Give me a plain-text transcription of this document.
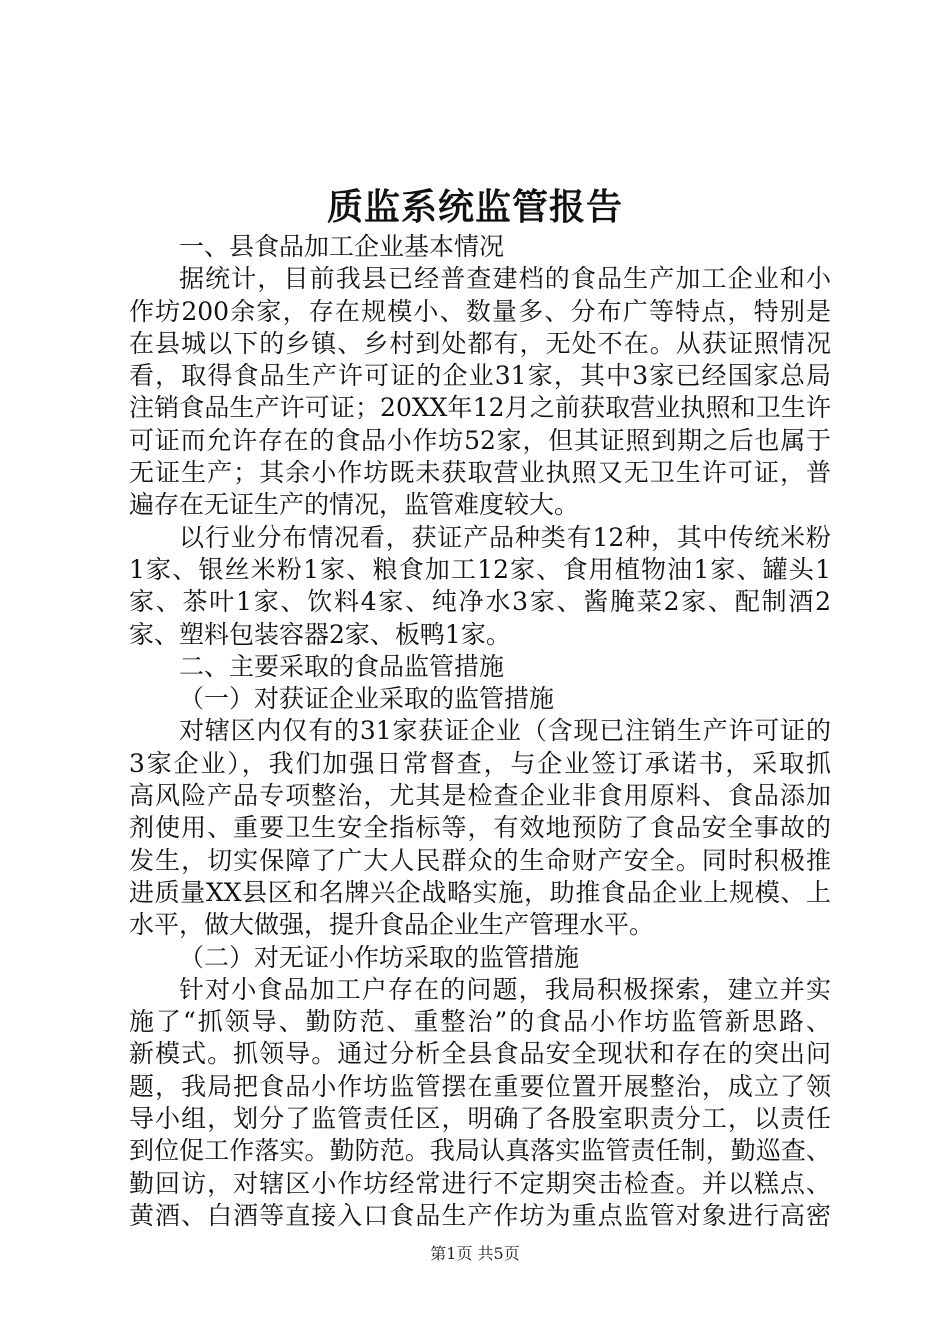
质监系统监管报告
一、县食品加工企业基本情况
据统计，目前我县已经普查建档的食品生产加工企业和小
作坊200余家，存在规模小、数量多、分布广等特点，特别是
在县城以下的乡镇、乡村到处都有，无处不在。从获证照情况
看，取得食品生产许可证的企业31家，其中3家已经国家总局
注销食品生产许可证；20XX年12月之前获取营业执照和卫生许
可证而允许存在的食品小作坊52家，但其证照到期之后也属于
无证生产；其余小作坊既未获取营业执照又无卫生许可证，普
遍存在无证生产的情况，监管难度较大。
以行业分布情况看，获证产品种类有12种，其中传统米粉
1家、银丝米粉1家、粮食加工12家、食用植物油1家、罐头1
家、茶叶1家、饮料4家、纯净水3家、酱腌菜2家、配制酒2
家、塑料包装容器2家、板鸭1家。
二、主要采取的食品监管措施
（一）对获证企业采取的监管措施
对辖区内仅有的31家获证企业（含现已注销生产许可证的
3家企业），我们加强日常督查，与企业签订承诺书，采取抓
高风险产品专项整治，尤其是检查企业非食用原料、食品添加
剂使用、重要卫生安全指标等，有效地预防了食品安全事故的
发生，切实保障了广大人民群众的生命财产安全。同时积极推
进质量XX县区和名牌兴企战略实施，助推食品企业上规模、上
水平，做大做强，提升食品企业生产管理水平。
（二）对无证小作坊采取的监管措施
针对小食品加工户存在的问题，我局积极探索，建立并实
施了“抓领导、勤防范、重整治”的食品小作坊监管新思路、
新模式。抓领导。通过分析全县食品安全现状和存在的突出问
题，我局把食品小作坊监管摆在重要位置开展整治，成立了领
导小组，划分了监管责任区，明确了各股室职责分工，以责任
到位促工作落实。勤防范。我局认真落实监管责任制，勤巡查、
勤回访，对辖区小作坊经常进行不定期突击检查。并以糕点、
黄酒、白酒等直接入口食品生产作坊为重点监管对象进行高密
第1页 共5页
